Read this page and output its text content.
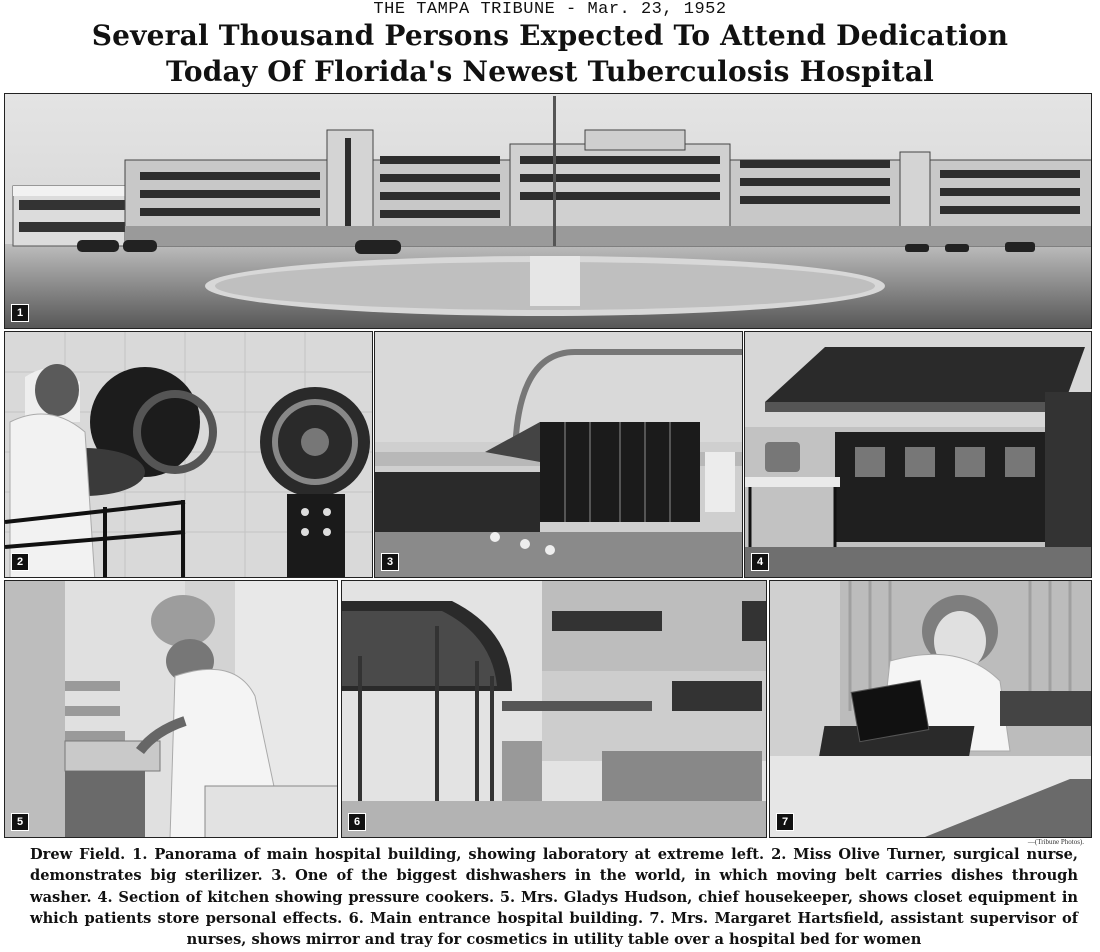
THE TAMPA TRIBUNE - Mar. 23, 1952
Several Thousand Persons Expected To Attend Dedication
Today Of Florida's Newest Tuberculosis Hospital
1
2	3	4
5	6	7
—(Tribune Photos).
Drew Field. 1. Panorama of main hospital building, showing laboratory at extreme left. 2. Miss Olive Turner, surgical nurse, demonstrates big sterilizer. 3. One of the biggest dishwashers in the world, in which moving belt carries dishes through washer. 4. Section of kitchen showing pressure cookers. 5. Mrs. Gladys Hudson, chief housekeeper, shows closet equipment in which patients store personal effects. 6. Main entrance hospital building. 7. Mrs. Margaret Hartsfield, assistant supervisor of nurses, shows mirror and tray for cosmetics in utility table over a hospital bed for women
